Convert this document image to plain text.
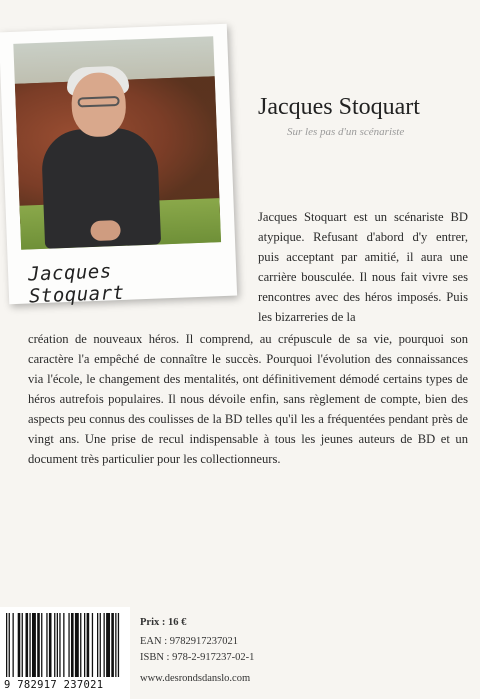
Jacques Stoquart
Jacques Stoquart
Sur les pas d'un scénariste

Jacques Stoquart est un scénariste BD atypique. Refusant d'abord d'y entrer, puis acceptant par amitié, il aura une carrière bousculée. Il nous fait vivre ses rencontres avec des héros imposés. Puis les bizarreries de la

création de nouveaux héros. Il comprend, au crépuscule de sa vie, pourquoi son caractère l'a empêché de connaître le succès. Pourquoi l'évolution des connaissances via l'école, le changement des mentalités, ont définitivement démodé certains types de héros autrefois populaires. Il nous dévoile enfin, sans règlement de compte, bien des aspects peu connus des coulisses de la BD telles qu'il les a fréquentées pendant près de vingt ans. Une prise de recul indispensable à tous les jeunes auteurs de BD et un document très particulier pour les collectionneurs.

9 782917 237021
Prix : 16 €
EAN : 9782917237021
ISBN : 978-2-917237-02-1
www.desrondsdanslo.com
